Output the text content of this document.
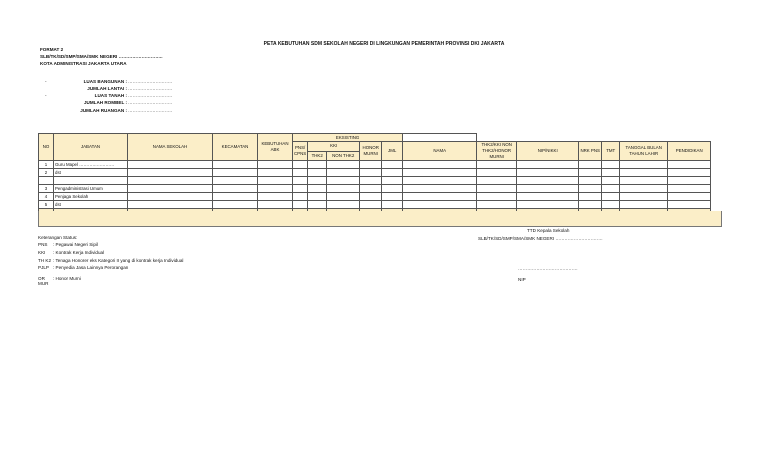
PETA KEBUTUHAN SDM SEKOLAH NEGERI DI LINGKUNGAN PEMERINTAH PROVINSI DKI JAKARTA
FORMAT 2
SLB/TK/SD/SMP/SMA/SMK NEGERI ………………………..
KOTA ADMINISTRASI JAKARTA UTARA
-	LUAS BANGUNAN : ………………………..
JUMLAH LANTAI : ………………………..
-	LUAS TANAH : ………………………..
JUMLAH ROMBEL : ………………………..
JUMLAH RUANGAN : ………………………..
NO	JABATAN	NAMA SEKOLAH	KECAMATAN	KEBUTUHAN ABK	EKSISTING											
					PNS/ CPNS	KKI		HONOR MURNI	JML	NAMA	THK2/KKI NON THK2/HONOR MURNI	NIP/NIKKI	NRK PNS	TMT	TANGGAL BULAN TAHUN LAHIR	PENDIDIKAN
						THK2	NON THK2									
1	Guru Mapel ……………………															
2	dst															

3	Pengadministrasi Umum															
4	Penjaga Sekolah															
5	dst															

Keterangan Status:
PNS : Pegawai Negeri Sipil
KKI : Kontrak Kerja Individual
TH K2 : Tenaga Honorer eks Kategori II yang di kontrak kerja Individual
PJLP : Penyedia Jasa Lainnya Perorangan
OR MUR: Honor Murni
TTD Kepala Sekolah
SLB/TK/SD/SMP/SMA/SMK NEGERI ………………………….
…………………………………
NIP
